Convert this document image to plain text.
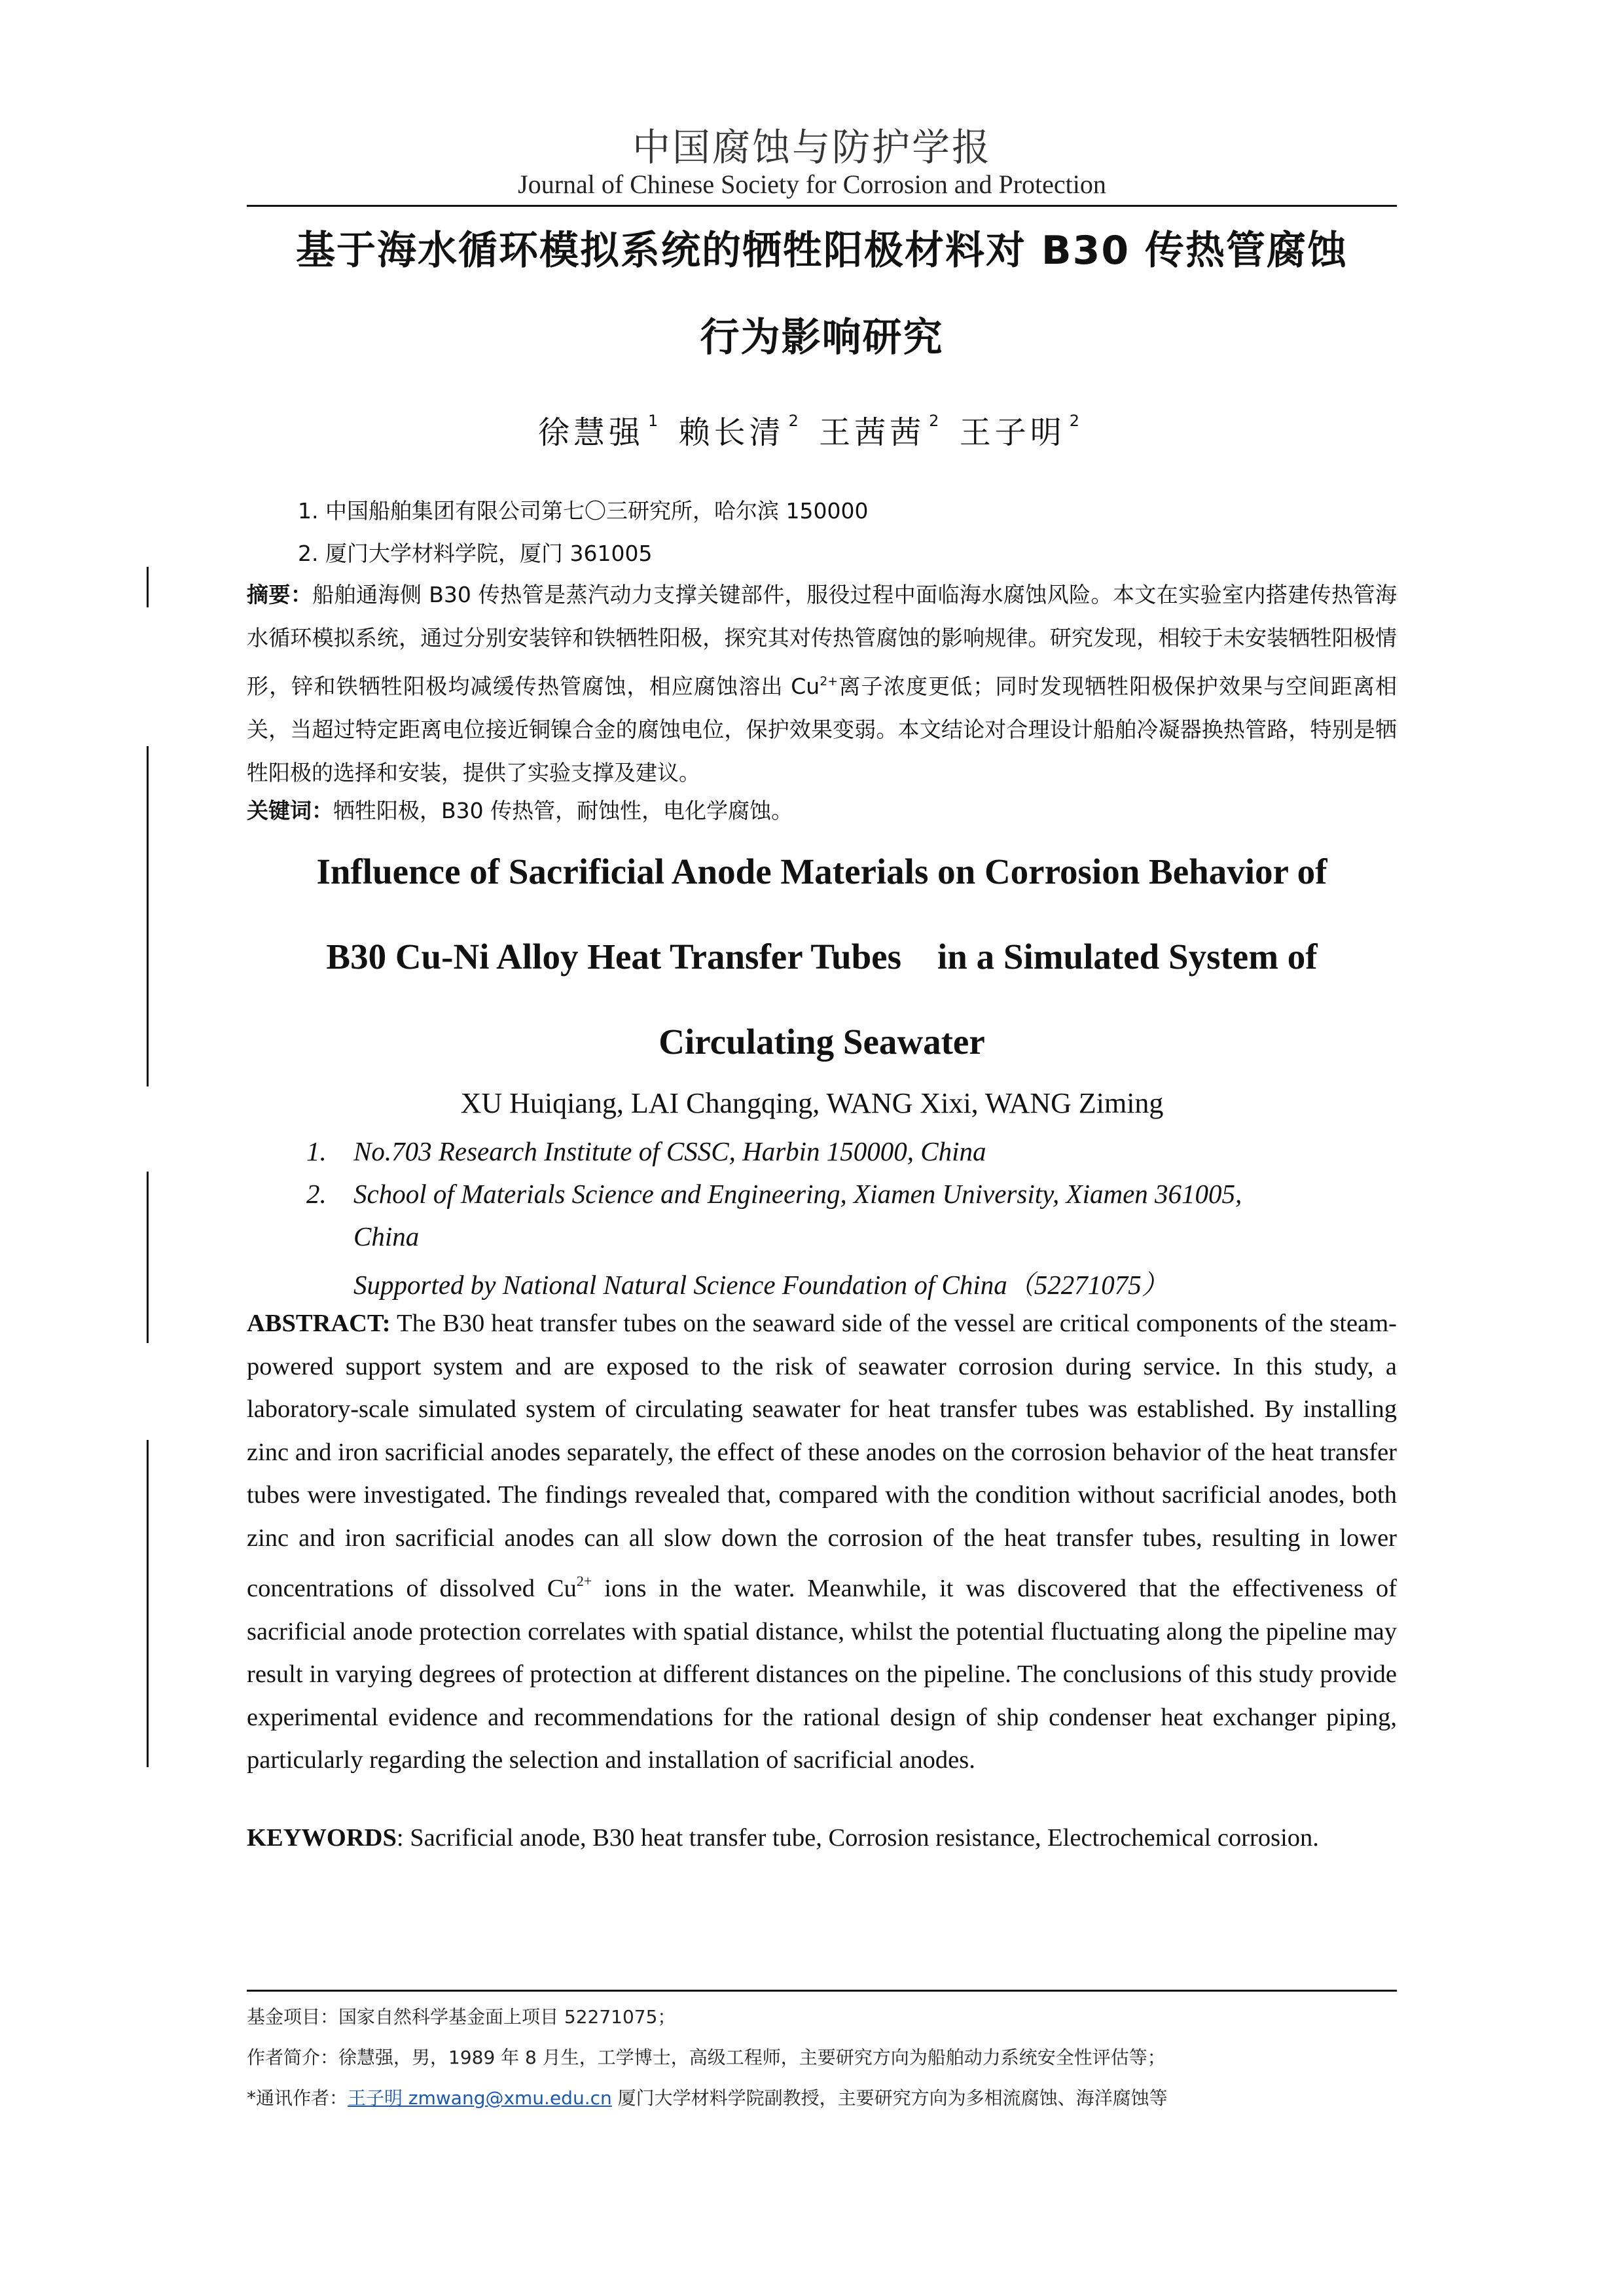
中国腐蚀与防护学报
Journal of Chinese Society for Corrosion and Protection
基于海水循环模拟系统的牺牲阳极材料对 B30 传热管腐蚀
行为影响研究
徐慧强 $^1$ 赖长清 $^2$ 王茜茜 $^2$ 王子明 $^2$
1. 中国船舶集团有限公司第七〇三研究所，哈尔滨 150000
2. 厦门大学材料学院，厦门 361005
摘要：船舶通海侧 B30 传热管是蒸汽动力支撑关键部件，服役过程中面临海水腐蚀风险。本文在实验室内搭建传热管海水循环模拟系统，通过分别安装锌和铁牺牲阳极，探究其对传热管腐蚀的影响规律。研究发现，相较于未安装牺牲阳极情形，锌和铁牺牲阳极均减缓传热管腐蚀，相应腐蚀溶出 $Cu^{2+}$离子浓度更低；同时发现牺牲阳极保护效果与空间距离相关，当超过特定距离电位接近铜镍合金的腐蚀电位，保护效果变弱。本文结论对合理设计船舶冷凝器换热管路，特别是牺牲阳极的选择和安装，提供了实验支撑及建议。
关键词：牺牲阳极，B30 传热管，耐蚀性，电化学腐蚀。
Influence of Sacrificial Anode Materials on Corrosion Behavior of
B30 Cu-Ni Alloy Heat Transfer Tubes    in a Simulated System of
Circulating Seawater
XU Huiqiang, LAI Changqing, WANG Xixi, WANG Ziming
1. No.703 Research Institute of CSSC, Harbin 150000, China
2. School of Materials Science and Engineering, Xiamen University, Xiamen 361005,
China
Supported by National Natural Science Foundation of China（52271075）
ABSTRACT: The B30 heat transfer tubes on the seaward side of the vessel are critical components of the steam-powered support system and are exposed to the risk of seawater corrosion during service. In this study, a laboratory-scale simulated system of circulating seawater for heat transfer tubes was established. By installing zinc and iron sacrificial anodes separately, the effect of these anodes on the corrosion behavior of the heat transfer tubes were investigated. The findings revealed that, compared with the condition without sacrificial anodes, both zinc and iron sacrificial anodes can all slow down the corrosion of the heat transfer tubes, resulting in lower concentrations of dissolved $Cu^{2+}$ ions in the water. Meanwhile, it was discovered that the effectiveness of sacrificial anode protection correlates with spatial distance, whilst the potential fluctuating along the pipeline may result in varying degrees of protection at different distances on the pipeline. The conclusions of this study provide experimental evidence and recommendations for the rational design of ship condenser heat exchanger piping, particularly regarding the selection and installation of sacrificial anodes.
KEYWORDS: Sacrificial anode, B30 heat transfer tube, Corrosion resistance, Electrochemical corrosion.
基金项目：国家自然科学基金面上项目 52271075；
作者简介：徐慧强，男，1989 年 8 月生，工学博士，高级工程师，主要研究方向为船舶动力系统安全性评估等；
*通讯作者：王子明 zmwang@xmu.edu.cn 厦门大学材料学院副教授，主要研究方向为多相流腐蚀、海洋腐蚀等
